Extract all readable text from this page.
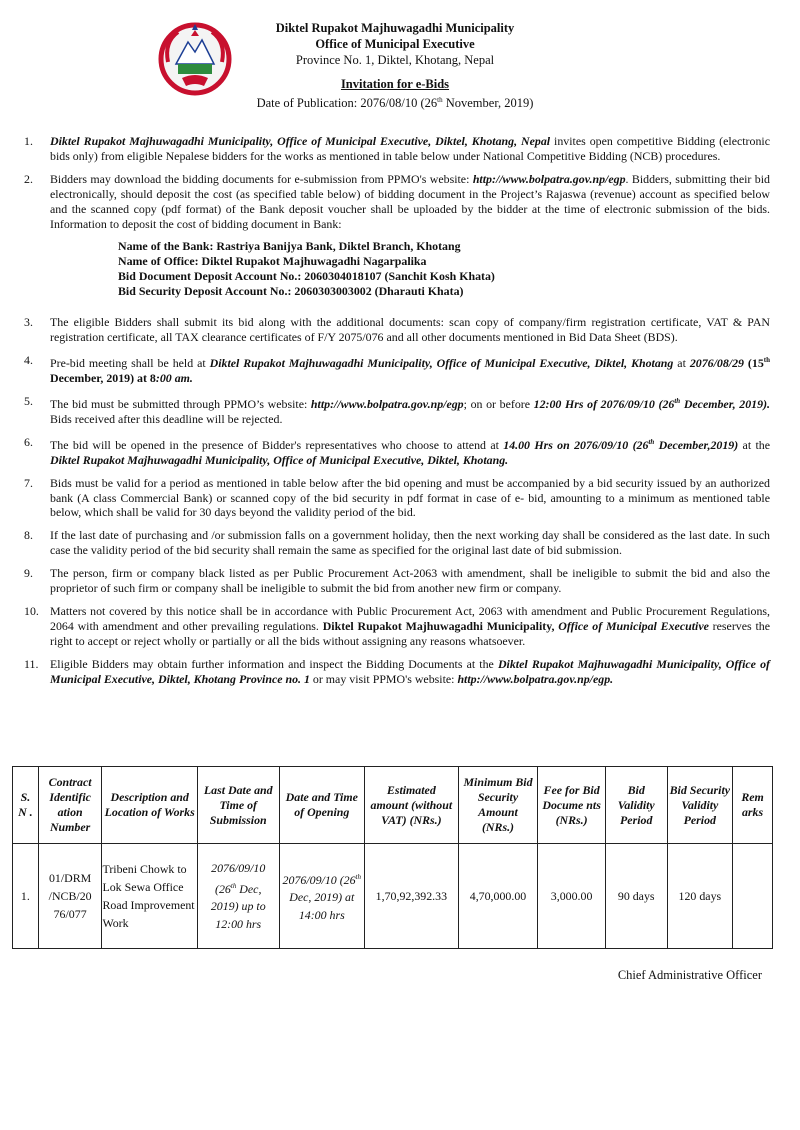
Diktel Rupakot Majhuwagadhi Municipality
Office of Municipal Executive
Province No. 1, Diktel, Khotang, Nepal
Invitation for e-Bids
Date of Publication: 2076/08/10 (26th November, 2019)
1.	Diktel Rupakot Majhuwagadhi Municipality, Office of Municipal Executive, Diktel, Khotang, Nepal invites open competitive Bidding (electronic bids only) from eligible Nepalese bidders for the works as mentioned in table below under National Competitive Bidding (NCB) procedures.
2.	Bidders may download the bidding documents for e-submission from PPMO's website: http://www.bolpatra.gov.np/egp. Bidders, submitting their bid electronically, should deposit the cost (as specified table below) of bidding document in the Project’s Rajaswa (revenue) account as specified below and the scanned copy (pdf format) of the Bank deposit voucher shall be uploaded by the bidder at the time of electronic submission of the bids. Information to deposit the cost of bidding document in Bank:
Name of the Bank: Rastriya Banijya Bank, Diktel Branch, Khotang
Name of Office: Diktel Rupakot Majhuwagadhi Nagarpalika
Bid Document Deposit Account No.: 2060304018107 (Sanchit Kosh Khata)
Bid Security Deposit Account No.: 2060303003002 (Dharauti Khata)
3.	The eligible Bidders shall submit its bid along with the additional documents: scan copy of company/firm registration certificate, VAT & PAN registration certificate, all TAX clearance certificates of F/Y 2075/076 and all other documents mentioned in Bid Data Sheet (BDS).
4.	Pre-bid meeting shall be held at Diktel Rupakot Majhuwagadhi Municipality, Office of Municipal Executive, Diktel, Khotang at 2076/08/29 (15th December, 2019) at 8:00 am.
5.	The bid must be submitted through PPMO’s website: http://www.bolpatra.gov.np/egp; on or before 12:00 Hrs of 2076/09/10 (26th December, 2019). Bids received after this deadline will be rejected.
6.	The bid will be opened in the presence of Bidder's representatives who choose to attend at 14.00 Hrs on 2076/09/10 (26th December,2019) at the Diktel Rupakot Majhuwagadhi Municipality, Office of Municipal Executive, Diktel, Khotang.
7.	Bids must be valid for a period as mentioned in table below after the bid opening and must be accompanied by a bid security issued by an authorized bank (A class Commercial Bank) or scanned copy of the bid security in pdf format in case of e- bid, amounting to a minimum as mentioned table below, which shall be valid for 30 days beyond the validity period of the bid.
8.	If the last date of purchasing and /or submission falls on a government holiday, then the next working day shall be considered as the last date. In such case the validity period of the bid security shall remain the same as specified for the original last date of bid submission.
9.	The person, firm or company black listed as per Public Procurement Act-2063 with amendment, shall be ineligible to submit the bid and also the proprietor of such firm or company shall be ineligible to submit the bid from another new firm or company.
10. Matters not covered by this notice shall be in accordance with Public Procurement Act, 2063 with amendment and Public Procurement Regulations, 2064 with amendment and other prevailing regulations. Diktel Rupakot Majhuwagadhi Municipality, Office of Municipal Executive reserves the right to accept or reject wholly or partially or all the bids without assigning any reasons whatsoever.
11. Eligible Bidders may obtain further information and inspect the Bidding Documents at the Diktel Rupakot Majhuwagadhi Municipality, Office of Municipal Executive, Diktel, Khotang Province no. 1 or may visit PPMO's website: http://www.bolpatra.gov.np/egp.
S. N .	Contract Identific ation Number	Description and Location of Works	Last Date and Time of Submission	Date and Time of Opening	Estimated amount (without VAT) (NRs.)	Minimum Bid Security Amount (NRs.)	Fee for Bid Docume nts (NRs.)	Bid Validity Period	Bid Security Validity Period	Rem arks
1.	01/DRM /NCB/20 76/077	Tribeni Chowk to Lok Sewa Office Road Improvement Work	2076/09/10 (26th Dec, 2019) up to 12:00 hrs	2076/09/10 (26th Dec, 2019) at 14:00 hrs	1,70,92,392.33	4,70,000.00	3,000.00	90 days	120 days	
Chief Administrative Officer
